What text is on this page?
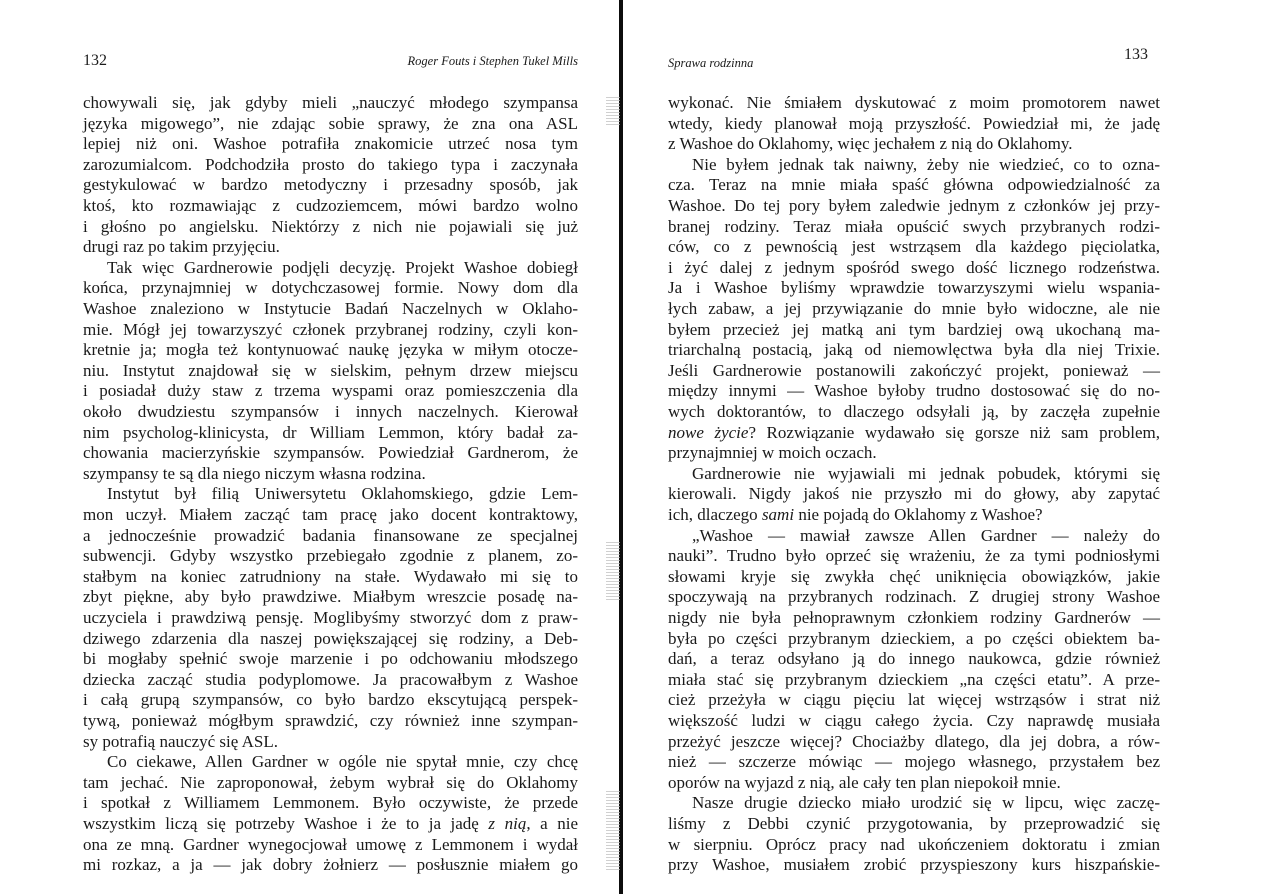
132	Roger Fouts i Stephen Tukel Mills
chowywali się, jak gdyby mieli „nauczyć młodego szympansa
języka migowego”, nie zdając sobie sprawy, że zna ona ASL
lepiej niż oni. Washoe potrafiła znakomicie utrzeć nosa tym
zarozumialcom. Podchodziła prosto do takiego typa i zaczynała
gestykulować w bardzo metodyczny i przesadny sposób, jak
ktoś, kto rozmawiając z cudzoziemcem, mówi bardzo wolno
i głośno po angielsku. Niektórzy z nich nie pojawiali się już
drugi raz po takim przyjęciu.
Tak więc Gardnerowie podjęli decyzję. Projekt Washoe dobiegł
końca, przynajmniej w dotychczasowej formie. Nowy dom dla
Washoe znaleziono w Instytucie Badań Naczelnych w Oklaho-
mie. Mógł jej towarzyszyć członek przybranej rodziny, czyli kon-
kretnie ja; mogła też kontynuować naukę języka w miłym otocze-
niu. Instytut znajdował się w sielskim, pełnym drzew miejscu
i posiadał duży staw z trzema wyspami oraz pomieszczenia dla
około dwudziestu szympansów i innych naczelnych. Kierował
nim psycholog-klinicysta, dr William Lemmon, który badał za-
chowania macierzyńskie szympansów. Powiedział Gardnerom, że
szympansy te są dla niego niczym własna rodzina.
Instytut był filią Uniwersytetu Oklahomskiego, gdzie Lem-
mon uczył. Miałem zacząć tam pracę jako docent kontraktowy,
a jednocześnie prowadzić badania finansowane ze specjalnej
subwencji. Gdyby wszystko przebiegało zgodnie z planem, zo-
stałbym na koniec zatrudniony na stałe. Wydawało mi się to
zbyt piękne, aby było prawdziwe. Miałbym wreszcie posadę na-
uczyciela i prawdziwą pensję. Moglibyśmy stworzyć dom z praw-
dziwego zdarzenia dla naszej powiększającej się rodziny, a Deb-
bi mogłaby spełnić swoje marzenie i po odchowaniu młodszego
dziecka zacząć studia podyplomowe. Ja pracowałbym z Washoe
i całą grupą szympansów, co było bardzo ekscytującą perspek-
tywą, ponieważ mógłbym sprawdzić, czy również inne szympan-
sy potrafią nauczyć się ASL.
Co ciekawe, Allen Gardner w ogóle nie spytał mnie, czy chcę
tam jechać. Nie zaproponował, żebym wybrał się do Oklahomy
i spotkał z Williamem Lemmonem. Było oczywiste, że przede
wszystkim liczą się potrzeby Washoe i że to ja jadę z nią, a nie
ona ze mną. Gardner wynegocjował umowę z Lemmonem i wydał
mi rozkaz, a ja — jak dobry żołnierz — posłusznie miałem go
Sprawa rodzinna	133
wykonać. Nie śmiałem dyskutować z moim promotorem nawet
wtedy, kiedy planował moją przyszłość. Powiedział mi, że jadę
z Washoe do Oklahomy, więc jechałem z nią do Oklahomy.
Nie byłem jednak tak naiwny, żeby nie wiedzieć, co to ozna-
cza. Teraz na mnie miała spaść główna odpowiedzialność za
Washoe. Do tej pory byłem zaledwie jednym z członków jej przy-
branej rodziny. Teraz miała opuścić swych przybranych rodzi-
ców, co z pewnością jest wstrząsem dla każdego pięciolatka,
i żyć dalej z jednym spośród swego dość licznego rodzeństwa.
Ja i Washoe byliśmy wprawdzie towarzyszymi wielu wspania-
łych zabaw, a jej przywiązanie do mnie było widoczne, ale nie
byłem przecież jej matką ani tym bardziej ową ukochaną ma-
triarchalną postacią, jaką od niemowlęctwa była dla niej Trixie.
Jeśli Gardnerowie postanowili zakończyć projekt, ponieważ —
między innymi — Washoe byłoby trudno dostosować się do no-
wych doktorantów, to dlaczego odsyłali ją, by zaczęła zupełnie
nowe życie? Rozwiązanie wydawało się gorsze niż sam problem,
przynajmniej w moich oczach.
Gardnerowie nie wyjawiali mi jednak pobudek, którymi się
kierowali. Nigdy jakoś nie przyszło mi do głowy, aby zapytać
ich, dlaczego sami nie pojadą do Oklahomy z Washoe?
„Washoe — mawiał zawsze Allen Gardner — należy do
nauki”. Trudno było oprzeć się wrażeniu, że za tymi podniosłymi
słowami kryje się zwykła chęć uniknięcia obowiązków, jakie
spoczywają na przybranych rodzinach. Z drugiej strony Washoe
nigdy nie była pełnoprawnym członkiem rodziny Gardnerów —
była po części przybranym dzieckiem, a po części obiektem ba-
dań, a teraz odsyłano ją do innego naukowca, gdzie również
miała stać się przybranym dzieckiem „na części etatu”. A prze-
cież przeżyła w ciągu pięciu lat więcej wstrząsów i strat niż
większość ludzi w ciągu całego życia. Czy naprawdę musiała
przeżyć jeszcze więcej? Chociażby dlatego, dla jej dobra, a rów-
nież — szczerze mówiąc — mojego własnego, przystałem bez
oporów na wyjazd z nią, ale cały ten plan niepokoił mnie.
Nasze drugie dziecko miało urodzić się w lipcu, więc zaczę-
liśmy z Debbi czynić przygotowania, by przeprowadzić się
w sierpniu. Oprócz pracy nad ukończeniem doktoratu i zmian
przy Washoe, musiałem zrobić przyspieszony kurs hiszpańskie-
